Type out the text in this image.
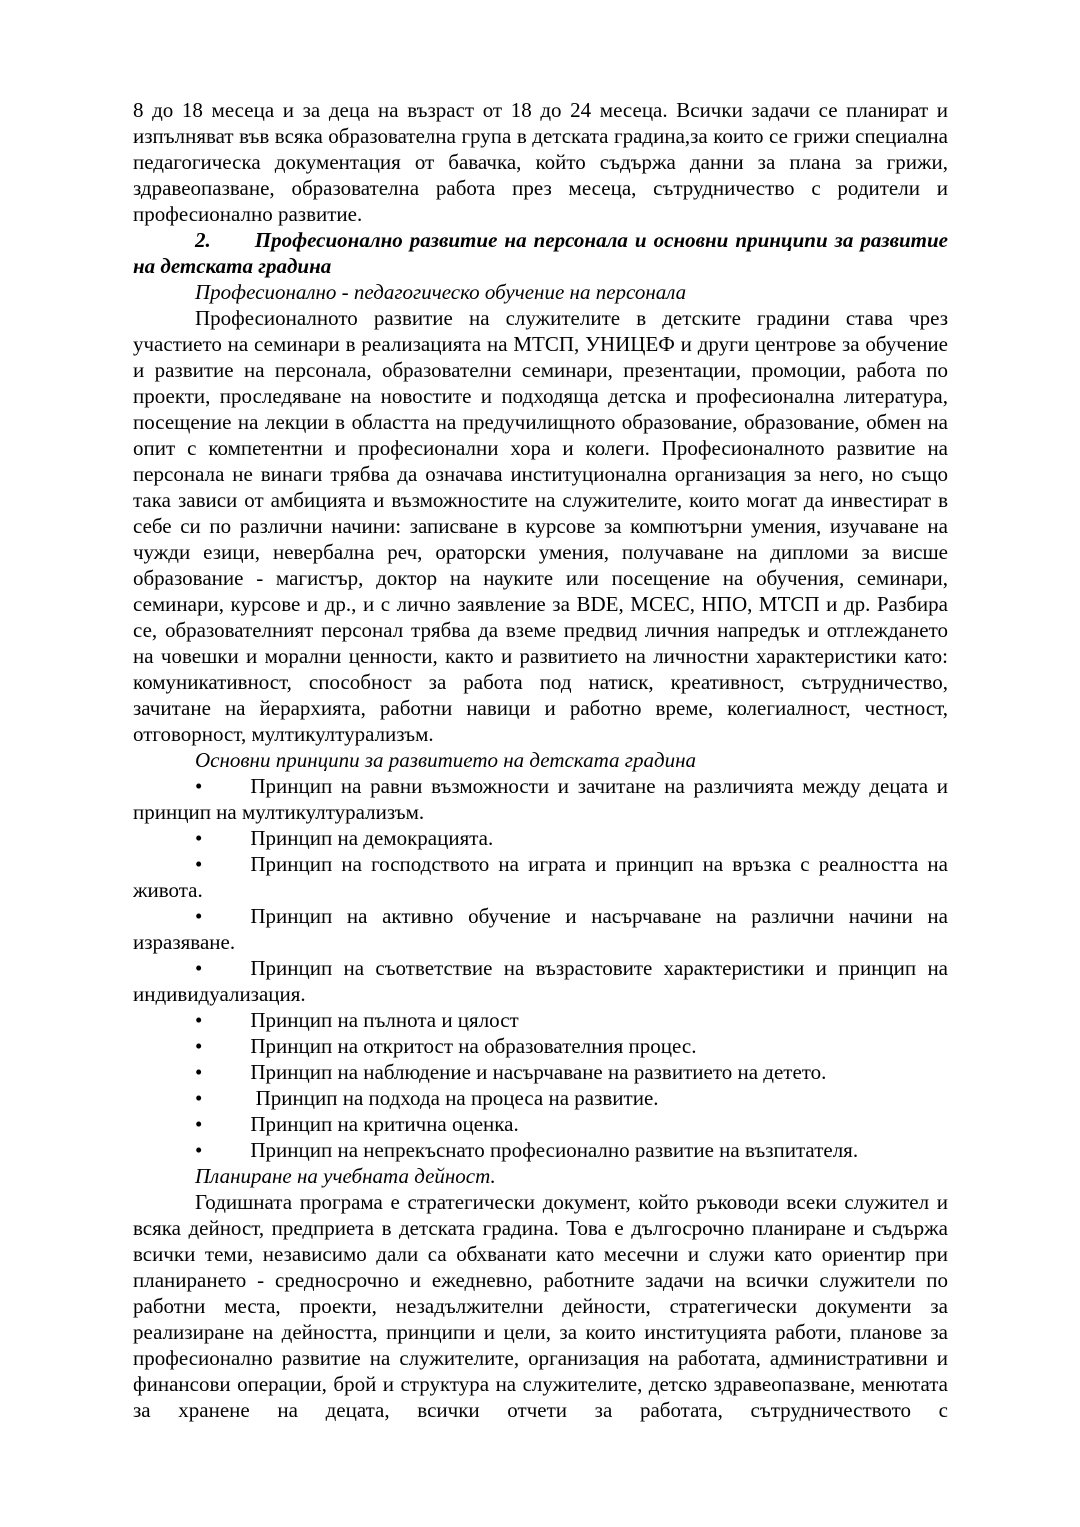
8 до 18 месеца и за деца на възраст от 18 до 24 месеца. Всички задачи се планират и изпълняват във всяка образователна група в детската градина,за които се грижи специална педагогическа документация от бавачка, който съдържа данни за плана за грижи, здравеопазване, образователна работа през месеца, сътрудничество с родители и професионално развитие.

2. Професионално развитие на персонала и основни принципи за развитие на детската градина

Професионално - педагогическо обучение на персонала

Професионалното развитие на служителите в детските градини става чрез участието на семинари в реализацията на МТСП, УНИЦЕФ и други центрове за обучение и развитие на персонала, образователни семинари, презентации, промоции, работа по проекти, проследяване на новостите и подходяща детска и професионална литература, посещение на лекции в областта на предучилищното образование, образование, обмен на опит с компетентни и професионални хора и колеги. Професионалното развитие на персонала не винаги трябва да означава институционална организация за него, но също така зависи от амбицията и възможностите на служителите, които могат да инвестират в себе си по различни начини: записване в курсове за компютърни умения, изучаване на чужди езици, невербална реч, ораторски умения, получаване на дипломи за висше образование - магистър, доктор на науките или посещение на обучения, семинари, семинари, курсове и др., и с лично заявление за BDE, МСЕС, НПО, МТСП и др. Разбира се, образователният персонал трябва да вземе предвид личния напредък и отглеждането на човешки и морални ценности, както и развитието на личностни характеристики като: комуникативност, способност за работа под натиск, креативност, сътрудничество, зачитане на йерархията, работни навици и работно време, колегиалност, честност, отговорност, мултикултурализъм.

Основни принципи за развитието на детската градина

• Принцип на равни възможности и зачитане на различията между децата и принцип на мултикултурализъм.

• Принцип на демокрацията.

• Принцип на господството на играта и принцип на връзка с реалността на живота.

• Принцип на активно обучение и насърчаване на различни начини на изразяване.

• Принцип на съответствие на възрастовите характеристики и принцип на индивидуализация.

• Принцип на пълнота и цялост

• Принцип на откритост на образователния процес.

• Принцип на наблюдение и насърчаване на развитието на детето.

• Принцип на подхода на процеса на развитие.

• Принцип на критична оценка.

• Принцип на непрекъснато професионално развитие на възпитателя.

Планиране на учебната дейност.

Годишната програма е стратегически документ, който ръководи всеки служител и всяка дейност, предприета в детската градина. Това е дългосрочно планиране и съдържа всички теми, независимо дали са обхванати като месечни и служи като ориентир при планирането - средносрочно и ежедневно, работните задачи на всички служители по работни места, проекти, незадължителни дейности, стратегически документи за реализиране на дейността, принципи и цели, за които институцията работи, планове за професионално развитие на служителите, организация на работата, административни и финансови операции, брой и структура на служителите, детско здравеопазване, менютата за хранене на децата, всички отчети за работата, сътрудничеството с
